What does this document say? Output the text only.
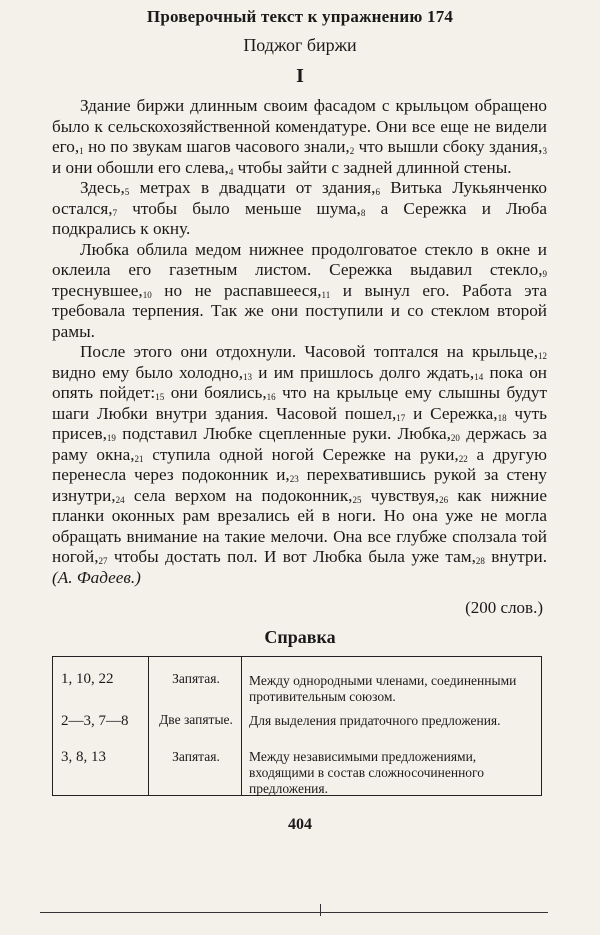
Проверочный текст к упражнению 174
Поджог биржи
I

Здание биржи длинным своим фасадом с крыльцом обращено было к сельскохозяйственной комендатуре. Они все еще не видели $его,_1$ но по звукам шагов часового $знали,_2$ что вышли сбоку $здания,_3$ и они обошли его $слева,_4$ чтобы зайти с задней длинной стены.

$Здесь,_5$ метрах в двадцати от $здания,_6$ Витька Лукьянченко $остался,_7$ чтобы было меньше $шума,_8$ а Сережка и Люба подкрались к окну.

Любка облила медом нижнее продолговатое стекло в окне и оклеила его газетным листом. Сережка выдавил $стекло,_9$ $треснувшее,_{10}$ но не $распавшееся,_{11}$ и вынул его. Работа эта требовала терпения. Так же они поступили и со стеклом второй рамы.

После этого они отдохнули. Часовой топтался на $крыльце,_{12}$ видно ему было $холодно,_{13}$ и им пришлось долго $ждать,_{14}$ пока он опять $пойдет:_{15}$ они $боялись,_{16}$ что на крыльце ему слышны будут шаги Любки внутри здания. Часовой $пошел,_{17}$ и $Сережка,_{18}$ чуть $присев,_{19}$ подставил Любке сцепленные руки. $Любка,_{20}$ держась за раму $окна,_{21}$ ступила одной ногой Сережке на $руки,_{22}$ а другую перенесла через подоконник $и,_{23}$ перехватившись рукой за стену $изнутри,_{24}$ села верхом на $подоконник,_{25}$ $чувствуя,_{26}$ как нижние планки оконных рам врезались ей в ноги. Но она уже не могла обращать внимание на такие мелочи. Она все глубже сползала той $ногой,_{27}$ чтобы достать пол. И вот Любка была уже $там,_{28}$ внутри. (А. Фадеев.)

(200 слов.)
Справка
1, 10, 22	Запятая.	Между однородными членами, соединенными противительным союзом.
2—3, 7—8	Две запятые.	Для выделения придаточного предложения.
3, 8, 13	Запятая.	Между независимыми предложениями, входящими в состав сложносочиненного предложения.
404
